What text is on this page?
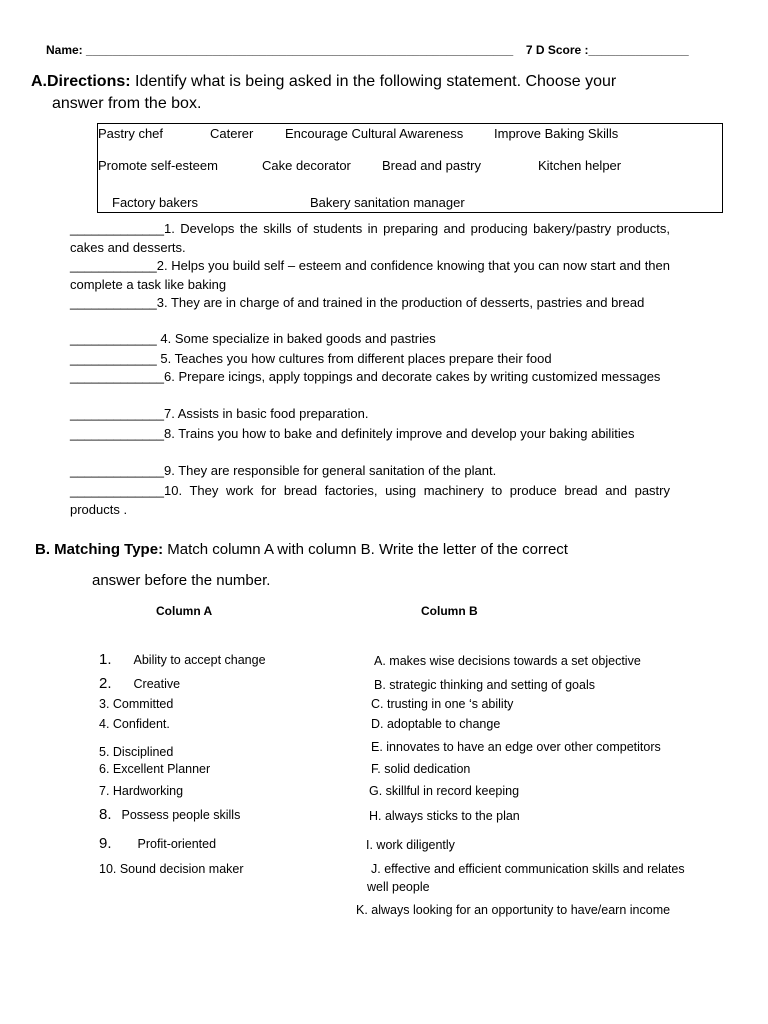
Name: ________________________________________________________________ 7 D Score :_______________
A.Directions: Identify what is being asked in the following statement. Choose your
answer from the box.
Pastry chef	Caterer Encourage Cultural Awareness Improve Baking Skills
Promote self-esteem	Cake decorator Bread and pastry	Kitchen helper
Factory bakers	Bakery sanitation manager
_____________1. Develops the skills of students in preparing and producing bakery/pastry products, cakes and desserts.
____________2. Helps you build self – esteem and confidence knowing that you can now start and then complete a task like baking
____________3. They are in charge of and trained in the production of desserts, pastries and bread
____________ 4. Some specialize in baked goods and pastries
____________ 5. Teaches you how cultures from different places prepare their food
_____________6. Prepare icings, apply toppings and decorate cakes by writing customized messages
_____________7. Assists in basic food preparation.
_____________8. Trains you how to bake and definitely improve and develop your baking abilities
_____________9. They are responsible for general sanitation of the plant.
_____________10. They work for bread factories, using machinery to produce bread and pastry products .
B. Matching Type: Match column A with column B. Write the letter of the correct
answer before the number.
Column A	Column B
1. Ability to accept change
2. Creative
3. Committed
4. Confident.
5. Disciplined
6. Excellent Planner
7. Hardworking
8. Possess people skills
9. Profit-oriented
10. Sound decision maker
A. makes wise decisions towards a set objective
B. strategic thinking and setting of goals
C. trusting in one ‘s ability
D. adoptable to change
E. innovates to have an edge over other competitors
F. solid dedication
G. skillful in record keeping
H. always sticks to the plan
I. work diligently
J. effective and efficient communication skills and relates
well people
K. always looking for an opportunity to have/earn income
